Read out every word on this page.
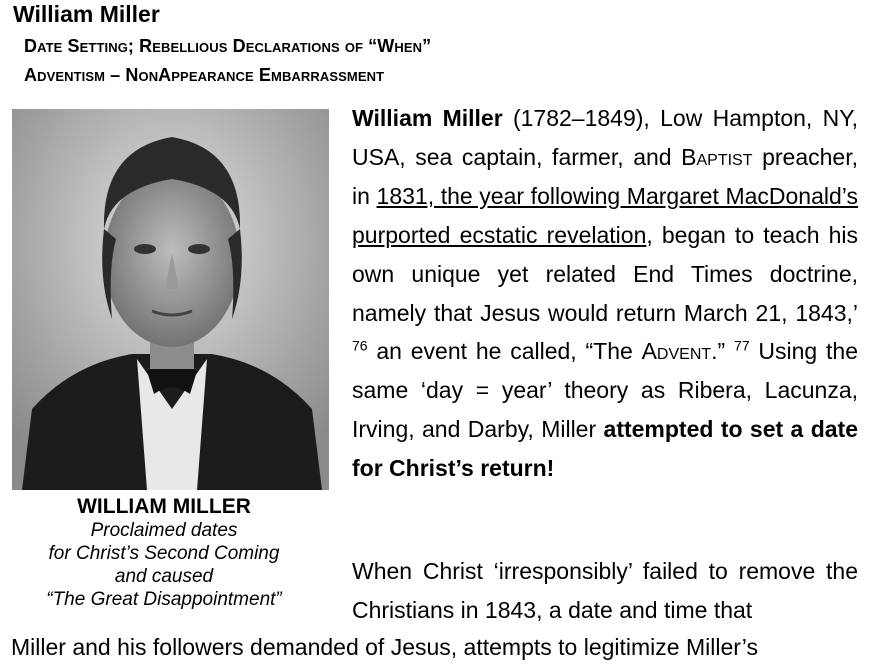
William Miller
Date Setting; Rebellious Declarations of “When”
Adventism – NonAppearance Embarrassment
WILLIAM MILLER
Proclaimed dates
for Christ’s Second Coming
and caused
“The Great Disappointment”
William Miller (1782–1849), Low Hampton, NY, USA, sea captain, farmer, and Baptist preacher, in 1831, the year following Margaret MacDonald’s purported ecstatic revelation, began to teach his own unique yet related End Times doctrine, namely that Jesus would return March 21, 1843,’ $^{76}$ an event he called, “The Advent.” $^{77}$ Using the same ‘day = year’ theory as Ribera, Lacunza, Irving, and Darby, Miller attempted to set a date for Christ’s return!
When Christ ‘irresponsibly’ failed to remove the Christians in 1843, a date and time that
Miller and his followers demanded of Jesus, attempts to legitimize Miller’s
